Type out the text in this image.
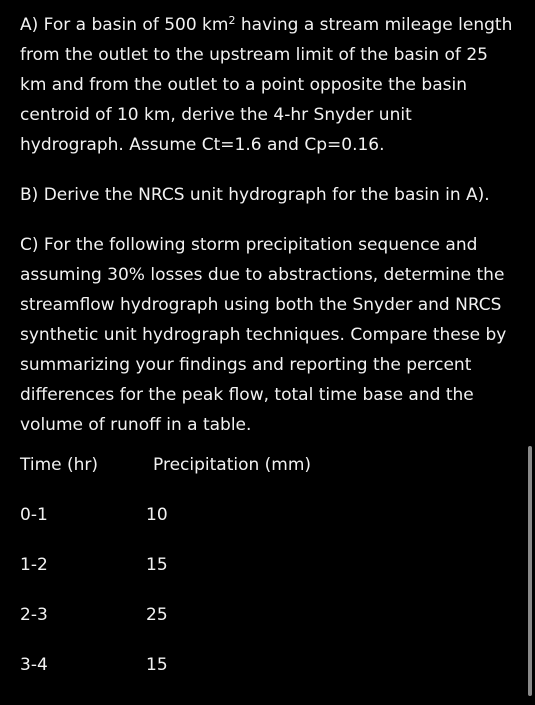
A) For a basin of 500 $km^2$ having a stream mileage length
from the outlet to the upstream limit of the basin of 25
km and from the outlet to a point opposite the basin
centroid of 10 km, derive the 4-hr Snyder unit
hydrograph. Assume Ct=1.6 and Cp=0.16.

B) Derive the NRCS unit hydrograph for the basin in A).

C) For the following storm precipitation sequence and
assuming 30% losses due to abstractions, determine the
streamflow hydrograph using both the Snyder and NRCS
synthetic unit hydrograph techniques. Compare these by
summarizing your findings and reporting the percent
differences for the peak flow, total time base and the
volume of runoff in a table.

Time (hr)	Precipitation (mm)
0-1	10
1-2	15
2-3	25
3-4	15
